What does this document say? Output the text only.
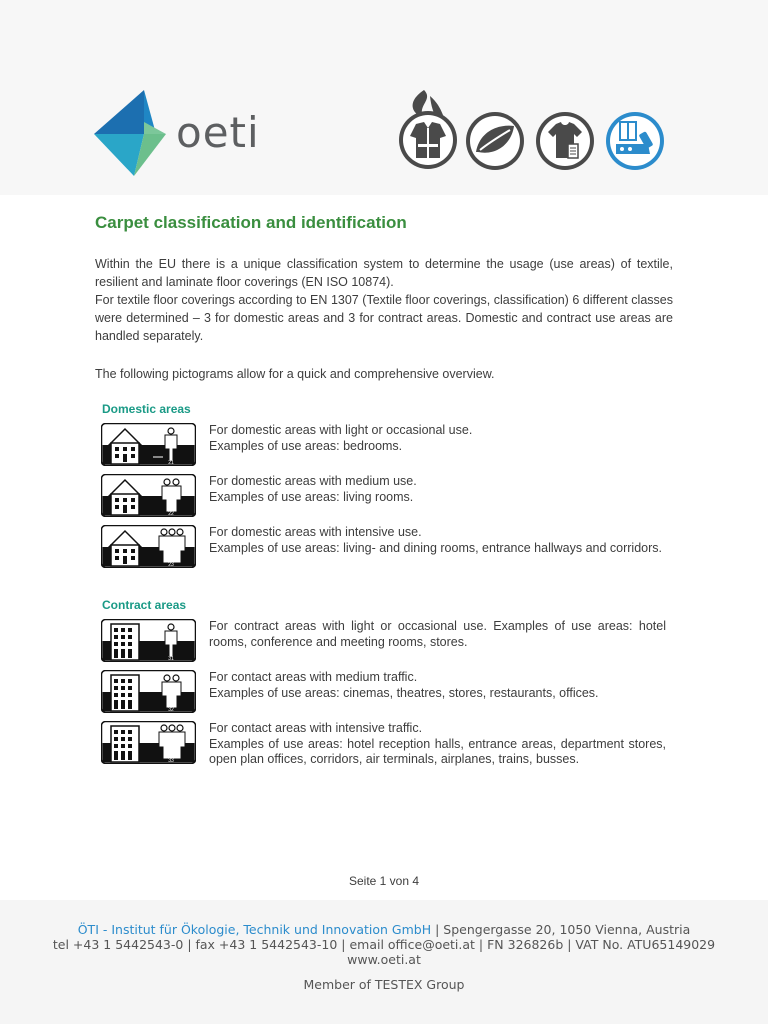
oeti
Carpet classification and identification

Within the EU there is a unique classification system to determine the usage (use areas) of textile, resilient and laminate floor coverings (EN ISO 10874).

For textile floor coverings according to EN 1307 (Textile floor coverings, classification) 6 different classes were determined – 3 for domestic areas and 3 for contract areas. Domestic and contract use areas are handled separately.

The following pictograms allow for a quick and comprehensive overview.

Domestic areas
21
For domestic areas with light or occasional use.
Examples of use areas: bedrooms.
22
For domestic areas with medium use.
Examples of use areas: living rooms.
23
For domestic areas with intensive use.
Examples of use areas: living- and dining rooms, entrance hallways and corridors.
Contract areas
31
For contract areas with light or occasional use. Examples of use areas: hotel rooms, conference and meeting rooms, stores.
32
For contact areas with medium traffic.
Examples of use areas: cinemas, theatres, stores, restaurants, offices.
33
For contact areas with intensive traffic.
Examples of use areas: hotel reception halls, entrance areas, department stores, open plan offices, corridors, air terminals, airplanes, trains, busses.
Seite 1 von 4
ÖTI - Institut für Ökologie, Technik und Innovation GmbH | Spengergasse 20, 1050 Vienna, Austria
tel +43 1 5442543-0 | fax +43 1 5442543-10 | email office@oeti.at | FN 326826b | VAT No. ATU65149029
www.oeti.at
Member of TESTEX Group
